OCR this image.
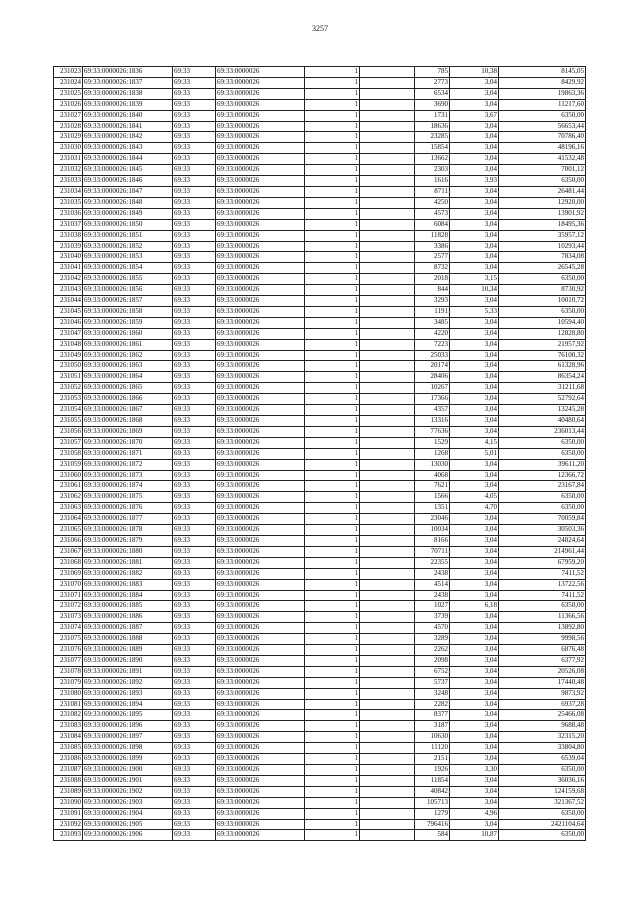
3257
231023	69:33:0000026:1836	69:33	69:33:0000026	1		785	10,38	8145,05
231024	69:33:0000026:1837	69:33	69:33:0000026	1		2773	3,04	8429,92
231025	69:33:0000026:1838	69:33	69:33:0000026	1		6534	3,04	19863,36
231026	69:33:0000026:1839	69:33	69:33:0000026	1		3690	3,04	11217,60
231027	69:33:0000026:1840	69:33	69:33:0000026	1		1731	3,67	6350,00
231028	69:33:0000026:1841	69:33	69:33:0000026	1		18636	3,04	56653,44
231029	69:33:0000026:1842	69:33	69:33:0000026	1		23285	3,04	70786,40
231030	69:33:0000026:1843	69:33	69:33:0000026	1		15854	3,04	48196,16
231031	69:33:0000026:1844	69:33	69:33:0000026	1		13662	3,04	41532,48
231032	69:33:0000026:1845	69:33	69:33:0000026	1		2303	3,04	7001,12
231033	69:33:0000026:1846	69:33	69:33:0000026	1		1616	3,93	6350,00
231034	69:33:0000026:1847	69:33	69:33:0000026	1		8711	3,04	26481,44
231035	69:33:0000026:1848	69:33	69:33:0000026	1		4250	3,04	12920,00
231036	69:33:0000026:1849	69:33	69:33:0000026	1		4573	3,04	13901,92
231037	69:33:0000026:1850	69:33	69:33:0000026	1		6084	3,04	18495,36
231038	69:33:0000026:1851	69:33	69:33:0000026	1		11828	3,04	35957,12
231039	69:33:0000026:1852	69:33	69:33:0000026	1		3386	3,04	10293,44
231040	69:33:0000026:1853	69:33	69:33:0000026	1		2577	3,04	7834,08
231041	69:33:0000026:1854	69:33	69:33:0000026	1		8732	3,04	26545,28
231042	69:33:0000026:1855	69:33	69:33:0000026	1		2018	3,15	6350,00
231043	69:33:0000026:1856	69:33	69:33:0000026	1		844	10,34	8730,92
231044	69:33:0000026:1857	69:33	69:33:0000026	1		3293	3,04	10010,72
231045	69:33:0000026:1858	69:33	69:33:0000026	1		1191	5,33	6350,00
231046	69:33:0000026:1859	69:33	69:33:0000026	1		3485	3,04	10594,40
231047	69:33:0000026:1860	69:33	69:33:0000026	1		4220	3,04	12828,80
231048	69:33:0000026:1861	69:33	69:33:0000026	1		7223	3,04	21957,92
231049	69:33:0000026:1862	69:33	69:33:0000026	1		25033	3,04	76100,32
231050	69:33:0000026:1863	69:33	69:33:0000026	1		20174	3,04	61328,96
231051	69:33:0000026:1864	69:33	69:33:0000026	1		28406	3,04	86354,24
231052	69:33:0000026:1865	69:33	69:33:0000026	1		10267	3,04	31211,68
231053	69:33:0000026:1866	69:33	69:33:0000026	1		17366	3,04	52792,64
231054	69:33:0000026:1867	69:33	69:33:0000026	1		4357	3,04	13245,28
231055	69:33:0000026:1868	69:33	69:33:0000026	1		13316	3,04	40480,64
231056	69:33:0000026:1869	69:33	69:33:0000026	1		77636	3,04	236013,44
231057	69:33:0000026:1870	69:33	69:33:0000026	1		1529	4,15	6350,00
231058	69:33:0000026:1871	69:33	69:33:0000026	1		1268	5,01	6350,00
231059	69:33:0000026:1872	69:33	69:33:0000026	1		13030	3,04	39611,20
231060	69:33:0000026:1873	69:33	69:33:0000026	1		4068	3,04	12366,72
231061	69:33:0000026:1874	69:33	69:33:0000026	1		7621	3,04	23167,84
231062	69:33:0000026:1875	69:33	69:33:0000026	1		1566	4,05	6350,00
231063	69:33:0000026:1876	69:33	69:33:0000026	1		1351	4,70	6350,00
231064	69:33:0000026:1877	69:33	69:33:0000026	1		23046	3,04	70059,84
231065	69:33:0000026:1878	69:33	69:33:0000026	1		10034	3,04	30503,36
231066	69:33:0000026:1879	69:33	69:33:0000026	1		8166	3,04	24824,64
231067	69:33:0000026:1880	69:33	69:33:0000026	1		70711	3,04	214961,44
231068	69:33:0000026:1881	69:33	69:33:0000026	1		22355	3,04	67959,20
231069	69:33:0000026:1882	69:33	69:33:0000026	1		2438	3,04	7411,52
231070	69:33:0000026:1883	69:33	69:33:0000026	1		4514	3,04	13722,56
231071	69:33:0000026:1884	69:33	69:33:0000026	1		2438	3,04	7411,52
231072	69:33:0000026:1885	69:33	69:33:0000026	1		1027	6,18	6350,00
231073	69:33:0000026:1886	69:33	69:33:0000026	1		3739	3,04	11366,56
231074	69:33:0000026:1887	69:33	69:33:0000026	1		4570	3,04	13892,80
231075	69:33:0000026:1888	69:33	69:33:0000026	1		3289	3,04	9998,56
231076	69:33:0000026:1889	69:33	69:33:0000026	1		2262	3,04	6876,48
231077	69:33:0000026:1890	69:33	69:33:0000026	1		2098	3,04	6377,92
231078	69:33:0000026:1891	69:33	69:33:0000026	1		6752	3,04	20526,08
231079	69:33:0000026:1892	69:33	69:33:0000026	1		5737	3,04	17440,48
231080	69:33:0000026:1893	69:33	69:33:0000026	1		3248	3,04	9873,92
231081	69:33:0000026:1894	69:33	69:33:0000026	1		2282	3,04	6937,28
231082	69:33:0000026:1895	69:33	69:33:0000026	1		8377	3,04	25466,08
231083	69:33:0000026:1896	69:33	69:33:0000026	1		3187	3,04	9688,48
231084	69:33:0000026:1897	69:33	69:33:0000026	1		10630	3,04	32315,20
231085	69:33:0000026:1898	69:33	69:33:0000026	1		11120	3,04	33804,80
231086	69:33:0000026:1899	69:33	69:33:0000026	1		2151	3,04	6539,04
231087	69:33:0000026:1900	69:33	69:33:0000026	1		1926	3,30	6350,00
231088	69:33:0000026:1901	69:33	69:33:0000026	1		11854	3,04	36036,16
231089	69:33:0000026:1902	69:33	69:33:0000026	1		40842	3,04	124159,68
231090	69:33:0000026:1903	69:33	69:33:0000026	1		105713	3,04	321367,52
231091	69:33:0000026:1904	69:33	69:33:0000026	1		1279	4,96	6350,00
231092	69:33:0000026:1905	69:33	69:33:0000026	1		796416	3,04	2421104,64
231093	69:33:0000026:1906	69:33	69:33:0000026	1		584	10,87	6350,00
